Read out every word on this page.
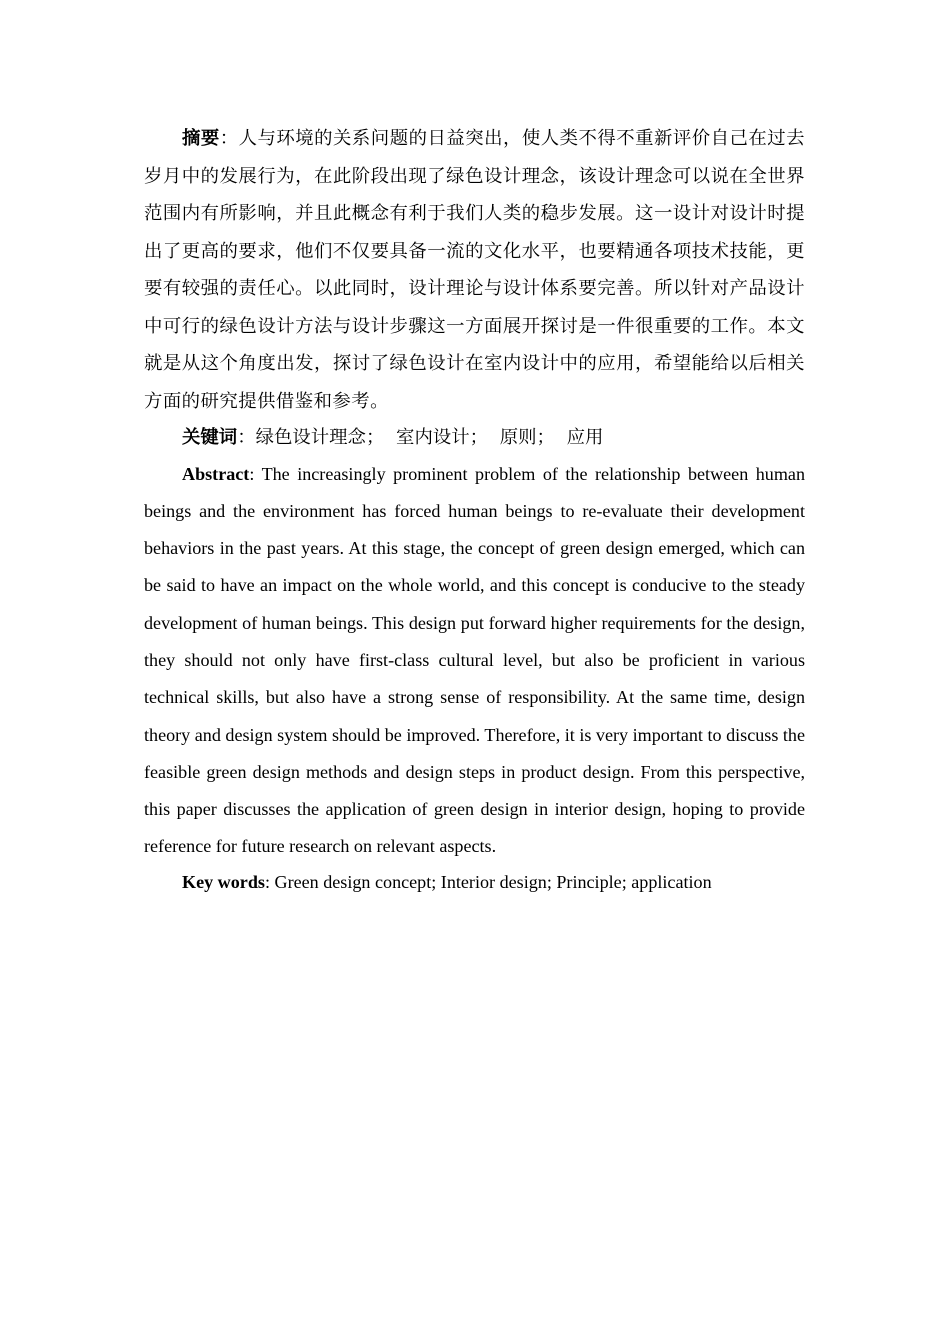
摘要：人与环境的关系问题的日益突出，使人类不得不重新评价自己在过去岁月中的发展行为，在此阶段出现了绿色设计理念，该设计理念可以说在全世界范围内有所影响，并且此概念有利于我们人类的稳步发展。这一设计对设计时提出了更高的要求，他们不仅要具备一流的文化水平，也要精通各项技术技能，更要有较强的责任心。以此同时，设计理论与设计体系要完善。所以针对产品设计中可行的绿色设计方法与设计步骤这一方面展开探讨是一件很重要的工作。本文就是从这个角度出发，探讨了绿色设计在室内设计中的应用，希望能给以后相关方面的研究提供借鉴和参考。

关键词：绿色设计理念； 室内设计； 原则； 应用

Abstract: The increasingly prominent problem of the relationship between human beings and the environment has forced human beings to re-evaluate their development behaviors in the past years. At this stage, the concept of green design emerged, which can be said to have an impact on the whole world, and this concept is conducive to the steady development of human beings. This design put forward higher requirements for the design, they should not only have first-class cultural level, but also be proficient in various technical skills, but also have a strong sense of responsibility. At the same time, design theory and design system should be improved. Therefore, it is very important to discuss the feasible green design methods and design steps in product design. From this perspective, this paper discusses the application of green design in interior design, hoping to provide reference for future research on relevant aspects.

Key words: Green design concept; Interior design; Principle; application
